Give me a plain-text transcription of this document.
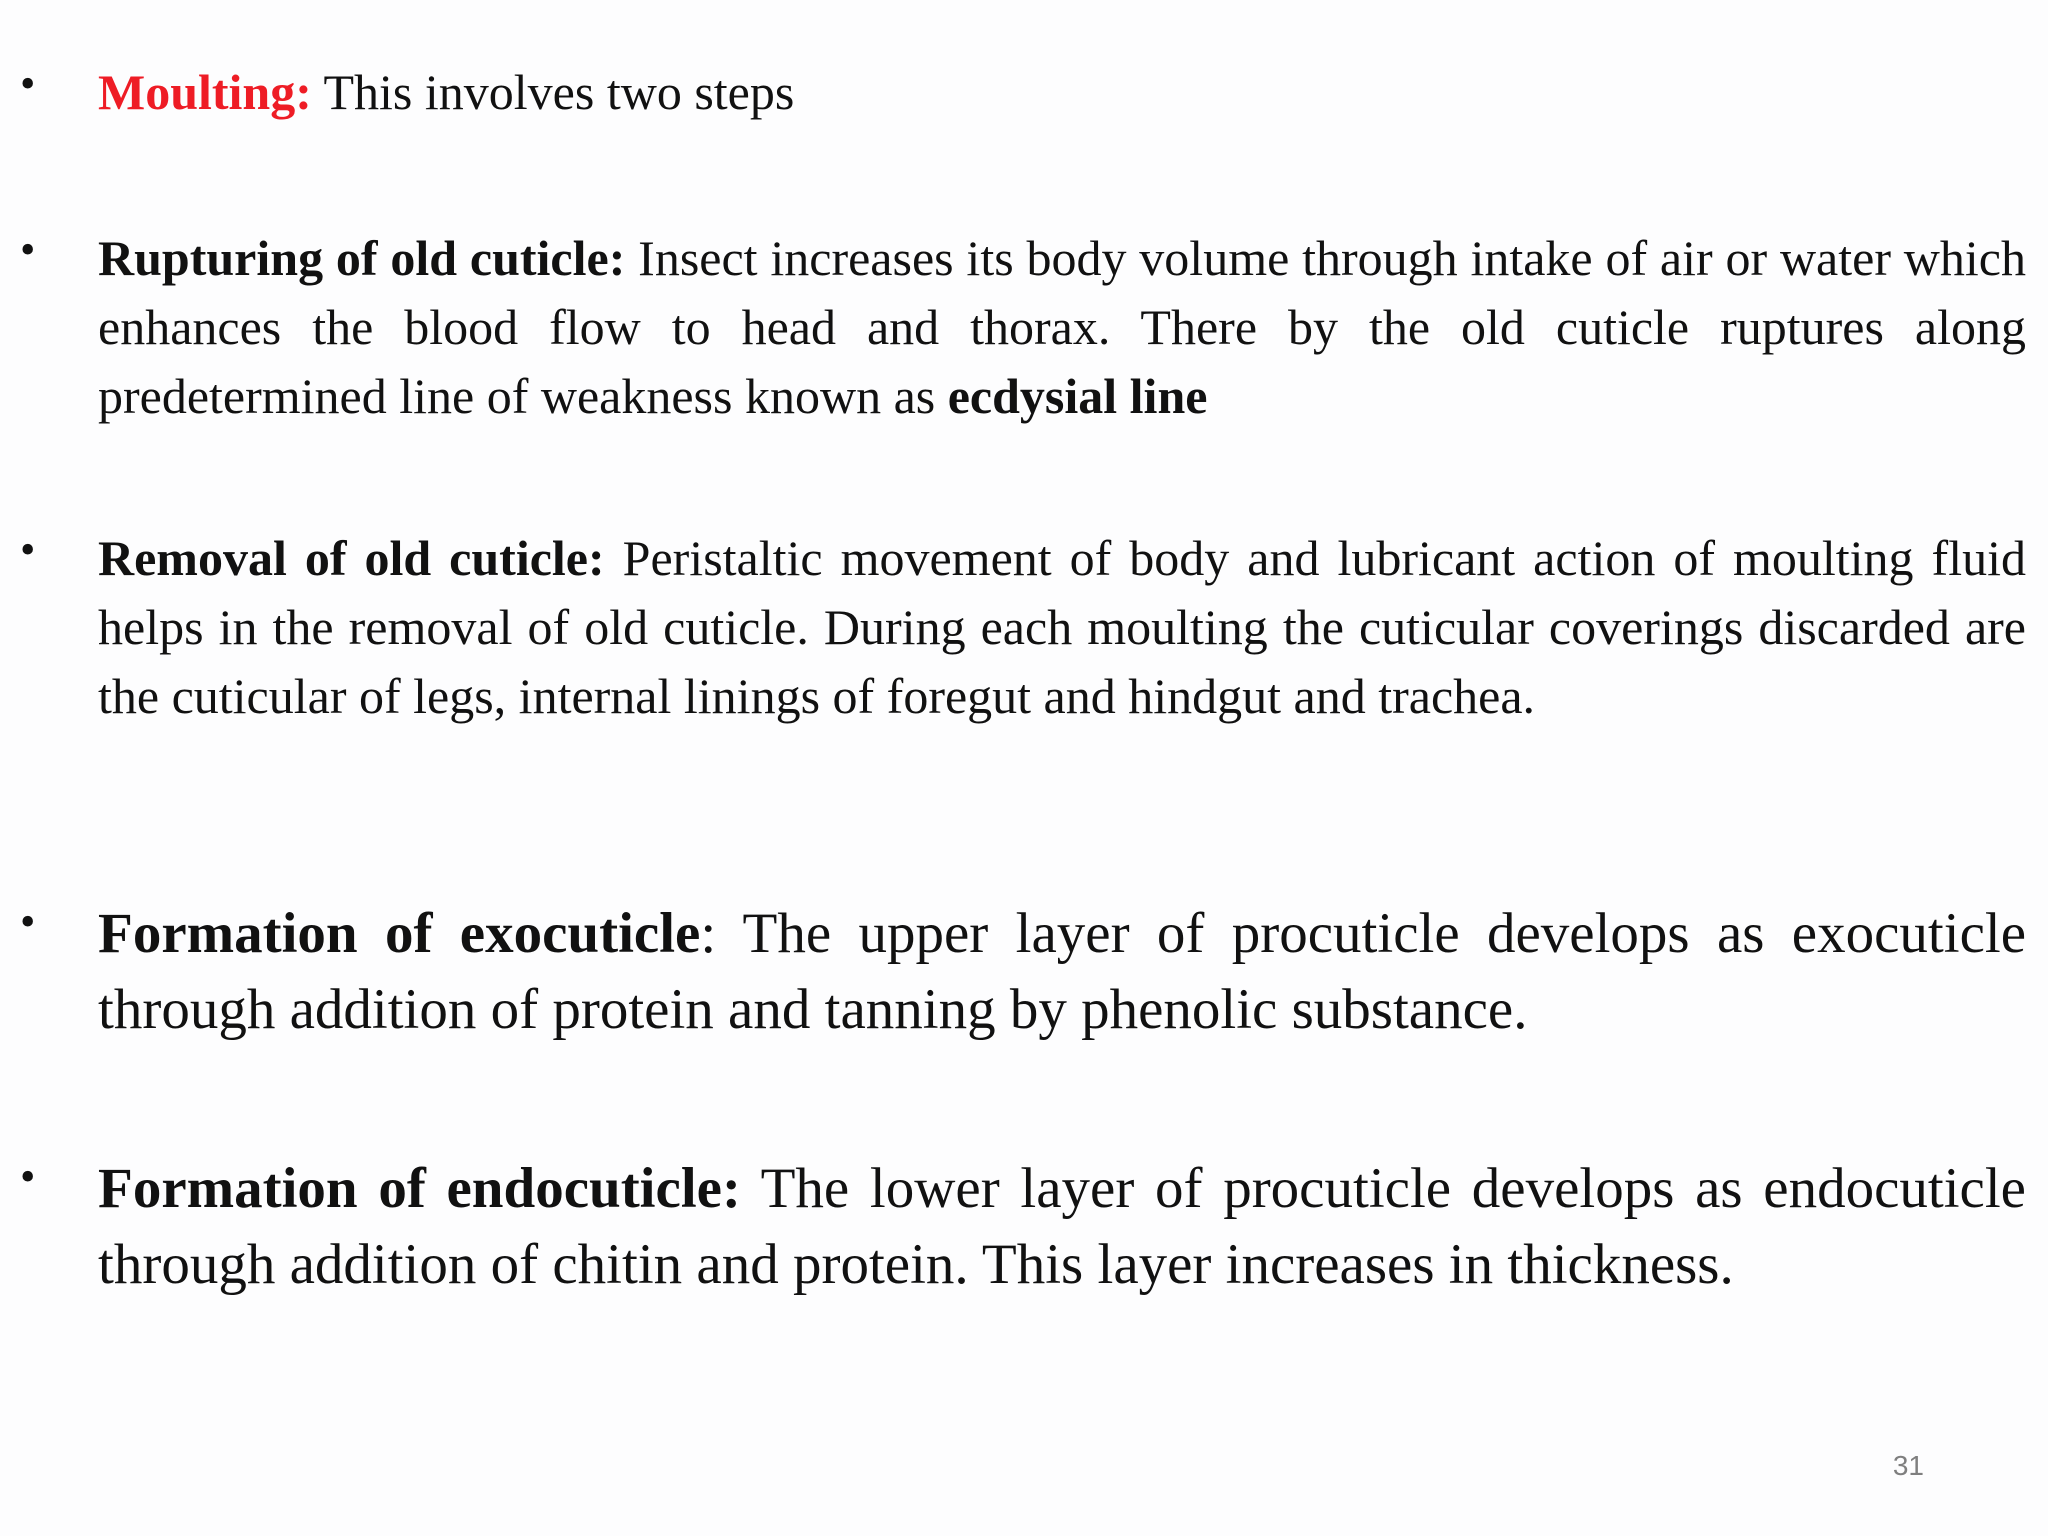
• Moulting: This involves two steps
• Rupturing of old cuticle: Insect increases its body volume through intake of air or water which enhances the blood flow to head and thorax. There by the old cuticle ruptures along predetermined line of weakness known as ecdysial line
• Removal of old cuticle: Peristaltic movement of body and lubricant action of moulting fluid helps in the removal of old cuticle. During each moulting the cuticular coverings discarded are the cuticular of legs, internal linings of foregut and hindgut and trachea.
• Formation of exocuticle: The upper layer of procuticle develops as exocuticle through addition of protein and tanning by phenolic substance.
• Formation of endocuticle: The lower layer of procuticle develops as endocuticle through addition of chitin and protein. This layer increases in thickness.
31
